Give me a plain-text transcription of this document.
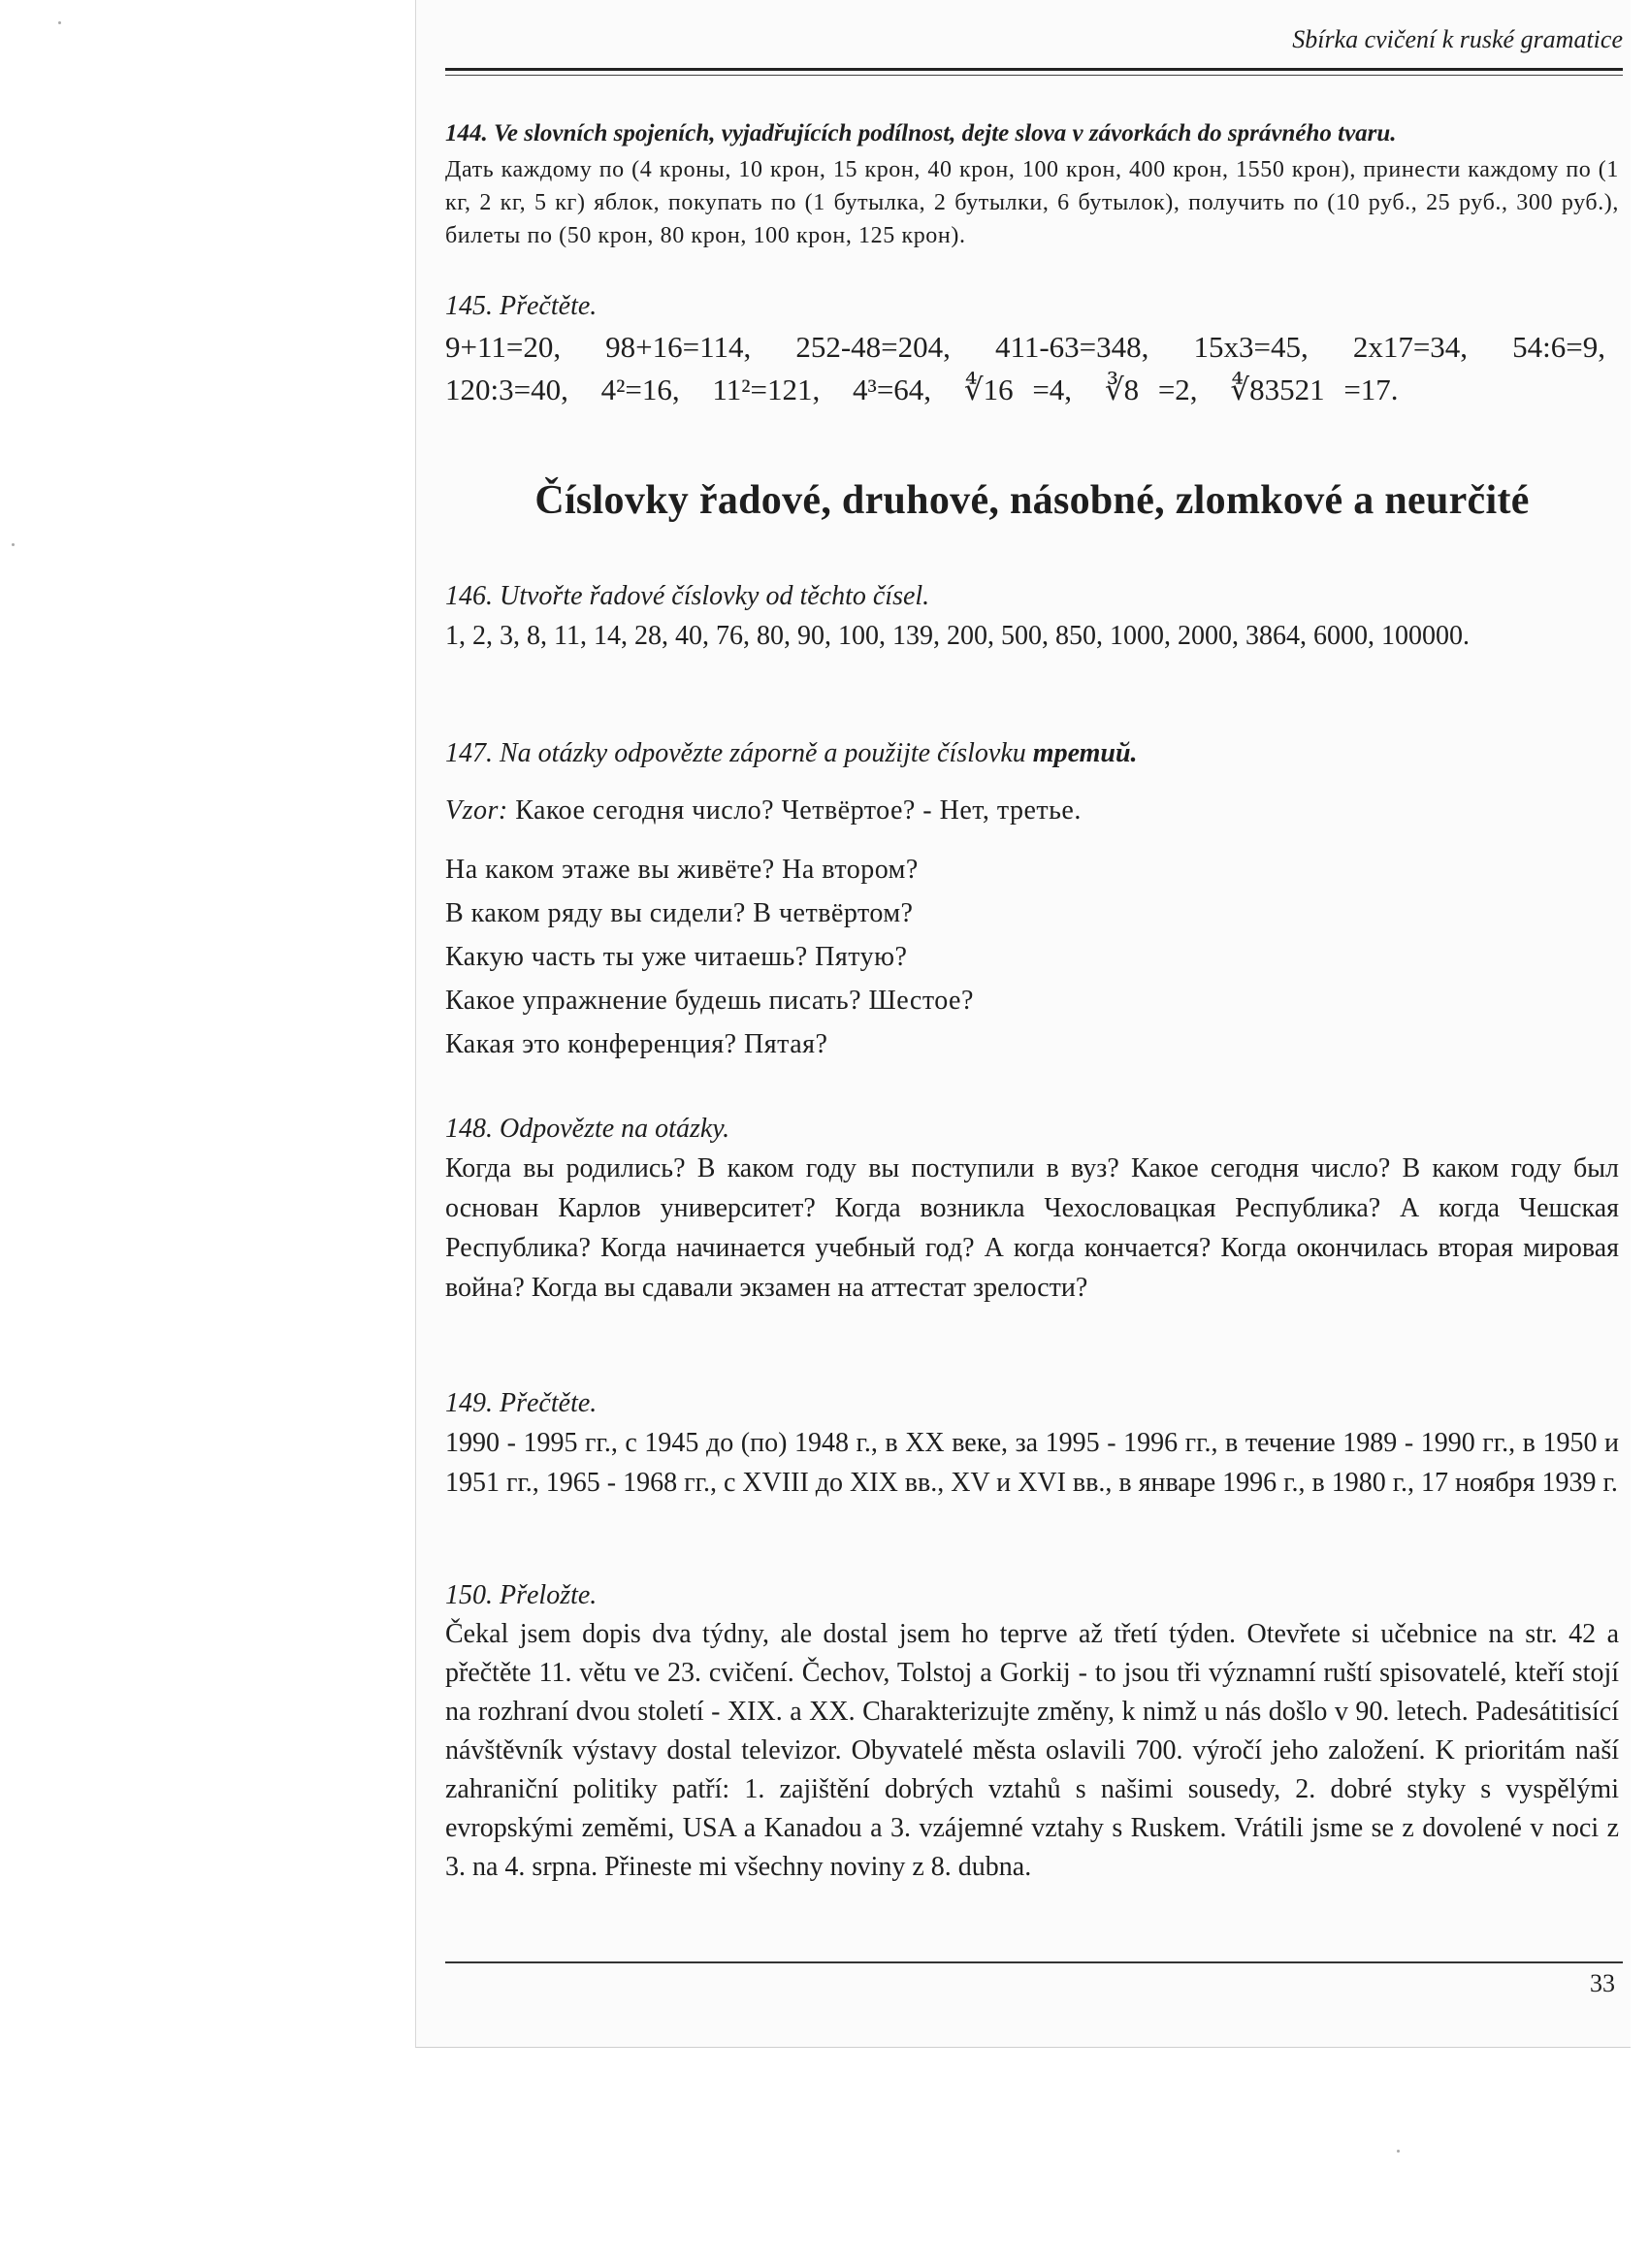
Sbírka cvičení k ruské gramatice

144. Ve slovních spojeních, vyjadřujících podílnost, dejte slova v závorkách do správného tvaru.

Дать каждому по (4 кроны, 10 крон, 15 крон, 40 крон, 100 крон, 400 крон, 1550 крон), принести каждому по (1 кг, 2 кг, 5 кг) яблок, покупать по (1 бутылка, 2 бутылки, 6 бутылок), получить по (10 руб., 25 руб., 300 руб.), билеты по (50 крон, 80 крон, 100 крон, 125 крон).

145. Přečtěte.

9+11=20, 98+16=114, 252-48=204, 411-63=348, 15x3=45, 2x17=34, 54:6=9, 120:3=40, 4²=16, 11²=121, 4³=64, ∜16 =4, ∛8 =2, ∜83521 =17.

Číslovky řadové, druhové, násobné, zlomkové a neurčité

146. Utvořte řadové číslovky od těchto čísel.

1, 2, 3, 8, 11, 14, 28, 40, 76, 80, 90, 100, 139, 200, 500, 850, 1000, 2000, 3864, 6000, 100000.

147. Na otázky odpovězte záporně a použijte číslovku третий.

Vzor: Какое сегодня число? Четвёртое? - Нет, третье.

На каком этаже вы живёте? На втором?

В каком ряду вы сидели? В четвёртом?

Какую часть ты уже читаешь? Пятую?

Какое упражнение будешь писать? Шестое?

Какая это конференция? Пятая?

148. Odpovězte na otázky.

Когда вы родились? В каком году вы поступили в вуз? Какое сегодня число? В каком году был основан Карлов университет? Когда возникла Чехословацкая Республика? А когда Чешская Республика? Когда начинается учебный год? А когда кончается? Когда окончилась вторая мировая война? Когда вы сдавали экзамен на аттестат зрелости?

149. Přečtěte.

1990 - 1995 гг., с 1945 до (по) 1948 г., в XX веке, за 1995 - 1996 гг., в течение 1989 - 1990 гг., в 1950 и 1951 гг., 1965 - 1968 гг., с XVIII до XIX вв., XV и XVI вв., в январе 1996 г., в 1980 г., 17 ноября 1939 г.

150. Přeložte.

Čekal jsem dopis dva týdny, ale dostal jsem ho teprve až třetí týden. Otevřete si učebnice na str. 42 a přečtěte 11. větu ve 23. cvičení. Čechov, Tolstoj a Gorkij - to jsou tři významní ruští spisovatelé, kteří stojí na rozhraní dvou století - XIX. a XX. Charakterizujte změny, k nimž u nás došlo v 90. letech. Padesátitisící návštěvník výstavy dostal televizor. Obyvatelé města oslavili 700. výročí jeho založení. K prioritám naší zahraniční politiky patří: 1. zajištění dobrých vztahů s našimi sousedy, 2. dobré styky s vyspělými evropskými zeměmi, USA a Kanadou a 3. vzájemné vztahy s Ruskem. Vrátili jsme se z dovolené v noci z 3. na 4. srpna. Přineste mi všechny noviny z 8. dubna.

33
